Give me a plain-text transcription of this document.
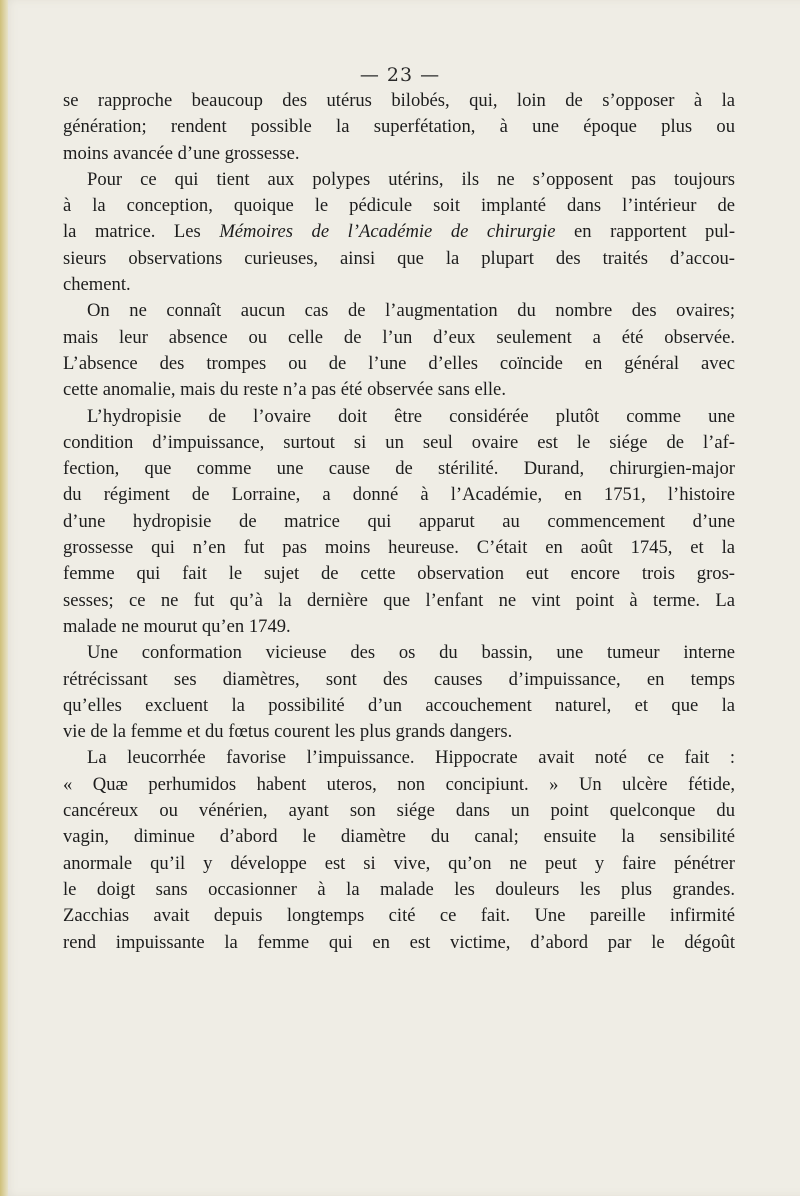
— 23 —
se rapproche beaucoup des utérus bilobés, qui, loin de s’opposer à la
génération; rendent possible la superfétation, à une époque plus ou
moins avancée d’une grossesse.
Pour ce qui tient aux polypes utérins, ils ne s’opposent pas toujours
à la conception, quoique le pédicule soit implanté dans l’intérieur de
la matrice. Les Mémoires de l’Académie de chirurgie en rapportent pul-
sieurs observations curieuses, ainsi que la plupart des traités d’accou-
chement.
On ne connaît aucun cas de l’augmentation du nombre des ovaires;
mais leur absence ou celle de l’un d’eux seulement a été observée.
L’absence des trompes ou de l’une d’elles coïncide en général avec
cette anomalie, mais du reste n’a pas été observée sans elle.
L’hydropisie de l’ovaire doit être considérée plutôt comme une
condition d’impuissance, surtout si un seul ovaire est le siége de l’af-
fection, que comme une cause de stérilité. Durand, chirurgien-major
du régiment de Lorraine, a donné à l’Académie, en 1751, l’histoire
d’une hydropisie de matrice qui apparut au commencement d’une
grossesse qui n’en fut pas moins heureuse. C’était en août 1745, et la
femme qui fait le sujet de cette observation eut encore trois gros-
sesses; ce ne fut qu’à la dernière que l’enfant ne vint point à terme. La
malade ne mourut qu’en 1749.
Une conformation vicieuse des os du bassin, une tumeur interne
rétrécissant ses diamètres, sont des causes d’impuissance, en temps
qu’elles excluent la possibilité d’un accouchement naturel, et que la
vie de la femme et du fœtus courent les plus grands dangers.
La leucorrhée favorise l’impuissance. Hippocrate avait noté ce fait :
« Quæ perhumidos habent uteros, non concipiunt. » Un ulcère fétide,
cancéreux ou vénérien, ayant son siége dans un point quelconque du
vagin, diminue d’abord le diamètre du canal; ensuite la sensibilité
anormale qu’il y développe est si vive, qu’on ne peut y faire pénétrer
le doigt sans occasionner à la malade les douleurs les plus grandes.
Zacchias avait depuis longtemps cité ce fait. Une pareille infirmité
rend impuissante la femme qui en est victime, d’abord par le dégoût
